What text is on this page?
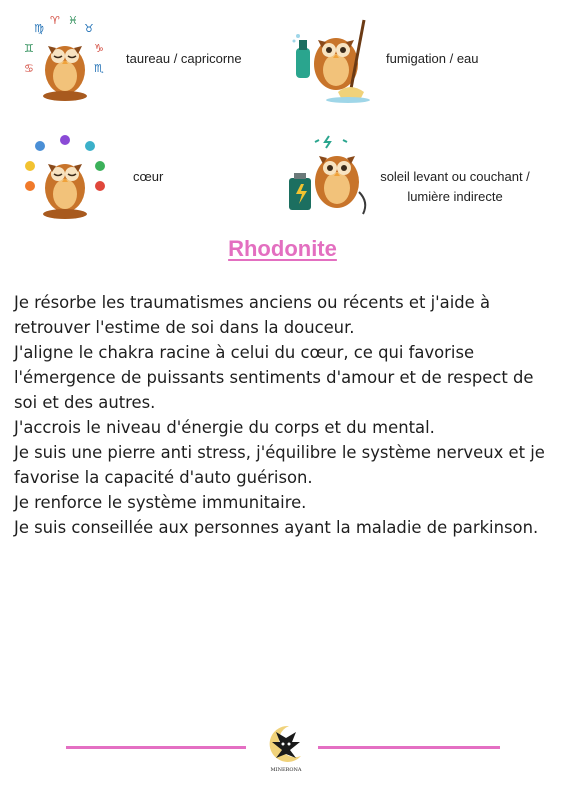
♍
♈ ♓
♉
♊	♑
♋	♏
taureau / capricorne	fumigation / eau
cœur	soleil levant ou couchant /
lumière indirecte
Rhodonite

Je résorbe les traumatismes anciens ou récents et j'aide à retrouver l'estime de soi dans la douceur.

J'aligne le chakra racine à celui du cœur, ce qui favorise l'émergence de puissants sentiments d'amour et de respect de soi et des autres.

J'accrois le niveau d'énergie du corps et du mental.

Je suis une pierre anti stress, j'équilibre le système nerveux et je favorise la capacité d'auto guérison.

Je renforce le système immunitaire.

Je suis conseillée aux personnes ayant la maladie de parkinson.

MINERONA
